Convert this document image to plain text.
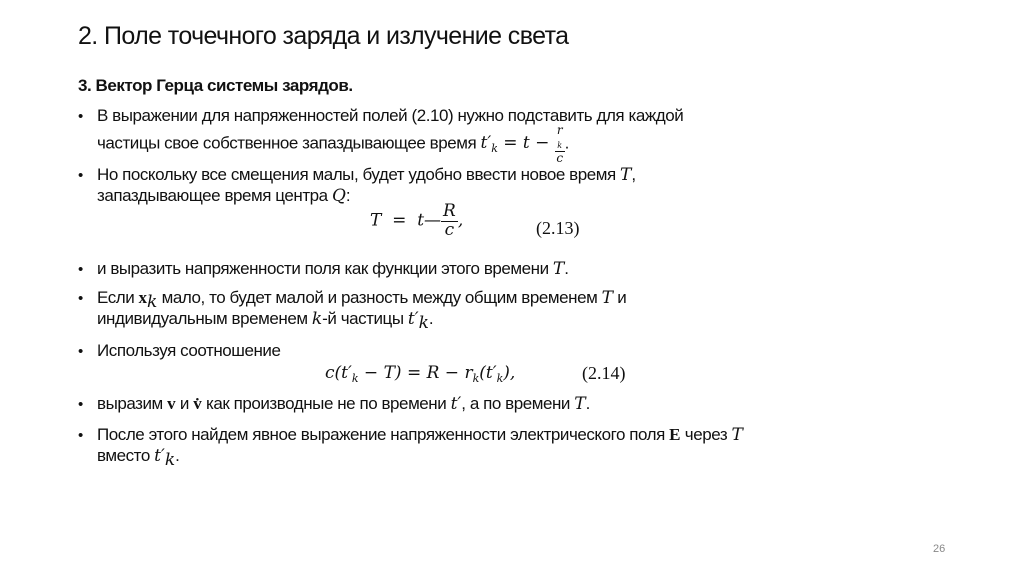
2. Поле точечного заряда и излучение света
3. Вектор Герца системы зарядов.
• В выражении для напряженностей полей (2.10) нужно подставить для каждой
частицы свое собственное запаздывающее время $t'_k = t - r$
$_k$
c .
• Но поскольку все смещения малы, будет удобно ввести новое время T,
запаздывающее время центра Q:
T  =  t— $\frac{R}{c}$ ,	(2.13)
• и выразить напряженности поля как функции этого времени T.
• Если $x_k$ мало, то будет малой и разность между общим временем T и
индивидуальным временем k-й частицы $t'_k$.
• Используя соотношение
$c(t'_k - T) = R - r_k(t'_k)$,	(2.14)
• выразим v и v̇ как производные не по времени t′, а по времени T.
• После этого найдем явное выражение напряженности электрического поля E через T
вместо $t'_k$.
26
